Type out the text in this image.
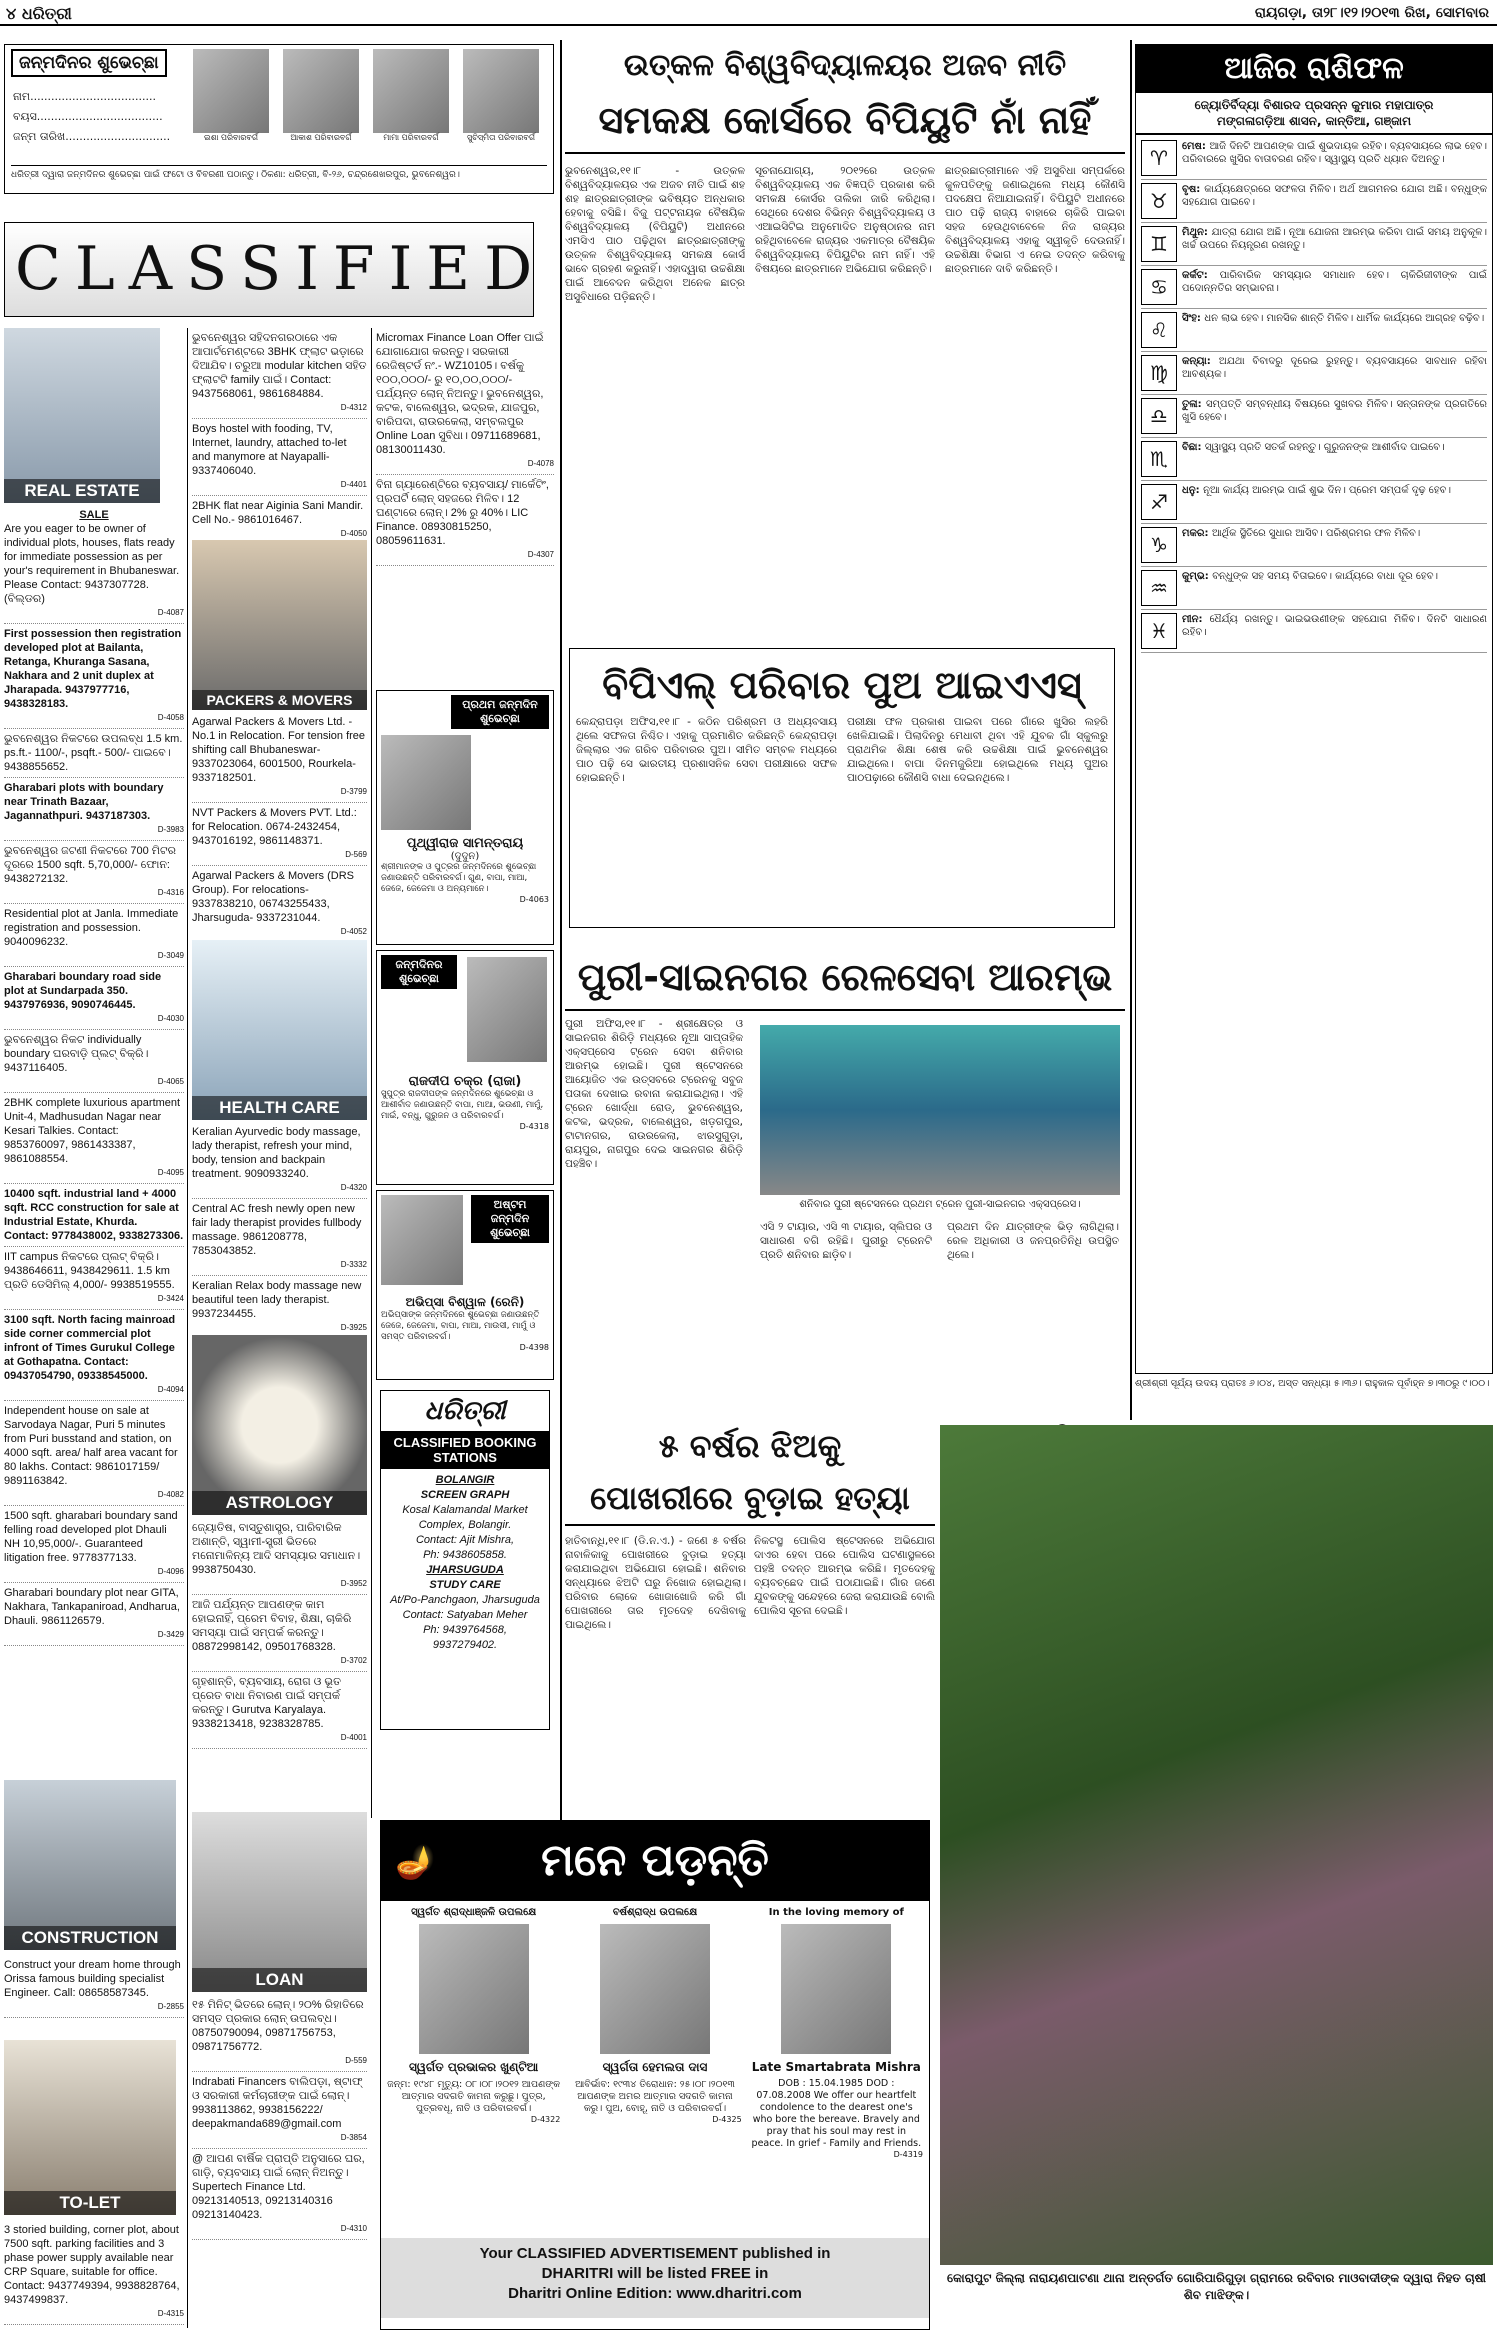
୪ ଧରିତ୍ରୀ	ରାୟଗଡ଼ା, ତା୨୮।୧୨।୨୦୧୩ ରିଖ, ସୋମବାର
ଜନ୍ମଦିନର ଶୁଭେଚ୍ଛା
ନାମ....................................
ବୟସ....................................
ଜନ୍ମ ତାରିଖ..............................	ଇଶା ପରିବାରବର୍ଗ	ଆକାଶ ପରିବାରବର୍ଗ	ମାମା ପରିବାରବର୍ଗ	ସୁଚିସ୍ମିତା ପରିବାରବର୍ଗ
ଧରିତ୍ରୀ ଦ୍ୱାରା ଜନ୍ମଦିନର ଶୁଭେଚ୍ଛା ପାଇଁ ଫଟୋ ଓ ବିବରଣୀ ପଠାନ୍ତୁ। ଠିକଣା: ଧରିତ୍ରୀ, ବି-୨୬, ଚନ୍ଦ୍ରଶେଖରପୁର, ଭୁବନେଶ୍ୱର।
CLASSIFIED
REAL ESTATE
PACKERS & MOVERS
HEALTH CARE
ASTROLOGY
LOAN
CONSTRUCTION
TO-LET
SALE
Are you eager to be owner of individual plots, houses, flats ready for immediate possession as per your's requirement in Bhubaneswar. Please Contact: 9437307728. (ବିଲ୍ଡର)
D-4087
First possession then registration developed plot at Bailanta, Retanga, Khuranga Sasana, Nakhara and 2 unit duplex at Jharapada. 9437977716, 9438328183.
D-4058
ଭୁବନେଶ୍ୱର ନିକଟରେ ଉପଲବ୍ଧ 1.5 km. ps.ft.- 1100/-, psqft.- 500/- ପାଇବେ। 9438855652.
Gharabari plots with boundary near Trinath Bazaar, Jagannathpuri. 9437187303.
D-3983
ଭୁବନେଶ୍ୱର ଜଟଣୀ ନିକଟରେ 700 ମିଟର ଦୂରରେ 1500 sqft. 5,70,000/- ଫୋନ: 9438272132.
D-4316
Residential plot at Janla. Immediate registration and possession. 9040096232.
D-3049
Gharabari boundary road side plot at Sundarpada 350. 9437976936, 9090746445.
D-4030
ଭୁବନେଶ୍ୱର ନିକଟ individually boundary ଘରବାଡ଼ି ପ୍ଲଟ୍ ବିକ୍ରି। 9437116405.
D-4065
2BHK complete luxurious apartment Unit-4, Madhusudan Nagar near Kesari Talkies. Contact: 9853760097, 9861433387, 9861088554.
D-4095
10400 sqft. industrial land + 4000 sqft. RCC construction for sale at Industrial Estate, Khurda. Contact: 9778438002, 9338273306.
IIT campus ନିକଟରେ ପ୍ଲଟ୍ ବିକ୍ରି। 9438646611, 9438429611. 1.5 km ପ୍ରତି ଡେସିମିଲ୍ 4,000/- 9938519555.
D-3424
3100 sqft. North facing mainroad side corner commercial plot infront of Times Gurukul College at Gothapatna. Contact: 09437054790, 09338545000.
D-4094
Independent house on sale at Sarvodaya Nagar, Puri 5 minutes from Puri busstand and station, on 4000 sqft. area/ half area vacant for 80 lakhs. Contact: 9861017159/ 9891163842.
D-4082
1500 sqft. gharabari boundary sand felling road developed plot Dhauli NH 10,95,000/-. Guaranteed litigation free. 9778377133.
D-4096
Gharabari boundary plot near GITA, Nakhara, Tankapaniroad, Andharua, Dhauli. 9861126579.
D-3429
Construct your dream home through Orissa famous building specialist Engineer. Call: 08658587345.
D-2855
3 storied building, corner plot, about 7500 sqft. parking facilities and 3 phase power supply available near CRP Square, suitable for office. Contact: 9437749394, 9938828764, 9437499837.
D-4315
ଭୁବନେଶ୍ୱର ସହିଦନଗରଠାରେ ଏକ ଆପାର୍ଟମେଣ୍ଟରେ 3BHK ଫ୍ଲାଟ ଭଡ଼ାରେ ଦିଆଯିବ। ଚରୁଆ modular kitchen ସହିତ ଫ୍ଲାଟଟି family ପାଇଁ। Contact: 9437568061, 9861684884.
D-4312
Boys hostel with fooding, TV, Internet, laundry, attached to-let and manymore at Nayapalli-9337406040.
D-4401
2BHK flat near Aiginia Sani Mandir. Cell No.- 9861016467.
D-4050
Agarwal Packers & Movers Ltd. - No.1 in Relocation. For tension free shifting call Bhubaneswar- 9337023064, 6001500, Rourkela- 9337182501.
D-3799
NVT Packers & Movers PVT. Ltd.: for Relocation. 0674-2432454, 9437016192, 9861148371.
D-569
Agarwal Packers & Movers (DRS Group). For relocations- 9337838210, 06743255433, Jharsuguda- 9337231044.
D-4052
Keralian Ayurvedic body massage, lady therapist, refresh your mind, body, tension and backpain treatment. 9090933240.
D-4320
Central AC fresh newly open new fair lady therapist provides fullbody massage. 9861208778, 7853043852.
D-3332
Keralian Relax body massage new beautiful teen lady therapist. 9937234455.
D-3925
ଜ୍ୟୋତିଷ, ବାସ୍ତୁଶାସ୍ତ୍ର, ପାରିବାରିକ ଅଶାନ୍ତି, ସ୍ୱାମୀ-ସ୍ତ୍ରୀ ଭିତରେ ମନୋମାଳିନ୍ୟ ଆଦି ସମସ୍ୟାର ସମାଧାନ। 9938750430.
D-3952
ଆଜି ପର୍ଯ୍ୟନ୍ତ ଆପଣଙ୍କ କାମ ହୋଇନାହିଁ, ପ୍ରେମ ବିବାହ, ଶିକ୍ଷା, ଚାକିରି ସମସ୍ୟା ପାଇଁ ସମ୍ପର୍କ କରନ୍ତୁ। 08872998142, 09501768328.
D-3702
ଗୃହଶାନ୍ତି, ବ୍ୟବସାୟ, ରୋଗ ଓ ଭୂତ ପ୍ରେତ ବାଧା ନିବାରଣ ପାଇଁ ସମ୍ପର୍କ କରନ୍ତୁ। Gurutva Karyalaya. 9338213418, 9238328785.
D-4001
୧୫ ମିନିଟ୍ ଭିତରେ ଲୋନ୍। ୨୦% ରିହାତିରେ ସମସ୍ତ ପ୍ରକାର ଲୋନ୍ ଉପଲବ୍ଧ। 08750790094, 09871756753, 09871756772.
D-559
Indrabati Financers ବାଲିପଡ଼ା, ଷ୍ଟାଫ୍ ଓ ସରକାରୀ କର୍ମଚାରୀଙ୍କ ପାଇଁ ଲୋନ୍। 9938113862, 9938156222/ deepakmanda689@gmail.com
D-3854
@ ଆପଣ ବାର୍ଷିକ ପ୍ରାପ୍ତି ଅନୁସାରେ ଘର, ଗାଡ଼ି, ବ୍ୟବସାୟ ପାଇଁ ଲୋନ୍ ନିଅନ୍ତୁ। Supertech Finance Ltd. 09213140513, 09213140316 09213140423.
D-4310
Micromax Finance Loan Offer ପାଇଁ ଯୋଗାଯୋଗ କରନ୍ତୁ। ସରକାରୀ ରେଜିଷ୍ଟର୍ଡ ନଂ.- WZ10105। ବର୍ଷକୁ ୧୦୦,୦୦୦/- ରୁ ୧୦,୦୦,୦୦୦/- ପର୍ଯ୍ୟନ୍ତ ଲୋନ୍ ନିଅନ୍ତୁ। ଭୁବନେଶ୍ୱର, କଟକ, ବାଲେଶ୍ୱର, ଭଦ୍ରକ, ଯାଜପୁର, ବାରିପଦା, ରାଉରକେଲା, ସମ୍ବଲପୁର Online Loan ସୁବିଧା। 09711689681, 08130011430.
D-4078
ବିନା ଗ୍ୟାରେଣ୍ଟିରେ ବ୍ୟବସାୟ/ ମାର୍କେଟିଂ, ପ୍ରପର୍ଟି ଲୋନ୍ ସହଜରେ ମିଳିବ। 12 ଘଣ୍ଟାରେ ଲୋନ୍। 2% ରୁ 40%। LIC Finance. 08930815250, 08059611631.
D-4307
ପ୍ରଥମ ଜନ୍ମଦିନ ଶୁଭେଚ୍ଛା
ପୃଥ୍ୱୀରାଜ ସାମନ୍ତରାୟ
(ଦୁଦୁନ)
ଶ୍ରୀମାନଙ୍କ ଓ ପୁତ୍ରର ଜନ୍ମଦିନରେ ଶୁଭେଚ୍ଛା ଜଣାଉଛନ୍ତି ପରିବାରବର୍ଗ। ଗୁଣ, ବାପା, ମାଆ, ଜେଜେ, ଜେଜେମା ଓ ଅନ୍ୟମାନେ।
D-4063
ଜନ୍ମଦିନର ଶୁଭେଚ୍ଛା
ରାଜଦୀପ ଚକ୍ର (ରାଜା)
ସୁପୁତ୍ର ରାଜଦୀପଙ୍କ ଜନ୍ମଦିନରେ ଶୁଭେଚ୍ଛା ଓ ଆଶୀର୍ବାଦ ଜଣାଉଛନ୍ତି ବାପା, ମାଆ, ଭଉଣୀ, ମାମୁଁ, ମାଇଁ, ବନ୍ଧୁ, ଗୁରୁଜନ ଓ ପରିବାରବର୍ଗ।
D-4318
ଅଷ୍ଟମ ଜନ୍ମଦିନ ଶୁଭେଚ୍ଛା
ଅଭିପ୍ସା ବିଶ୍ୱାଳ (ରେନି)
ଅଭିପ୍ସାଙ୍କ ଜନ୍ମଦିନରେ ଶୁଭେଚ୍ଛା ଜଣାଉଛନ୍ତି ଜେଜେ, ଜେଜେମା, ବାପା, ମାଆ, ମାଉସୀ, ମାମୁଁ ଓ ସମସ୍ତ ପରିବାରବର୍ଗ।
D-4398
ଧରିତ୍ରୀ
CLASSIFIED BOOKING STATIONS
BOLANGIR
SCREEN GRAPH
Kosal Kalamandal Market Complex, Bolangir.
Contact: Ajit Mishra,
Ph: 9438605858.
JHARSUGUDA
STUDY CARE
At/Po-Panchgaon, Jharsuguda
Contact: Satyaban Meher
Ph: 9439764568,
9937279402.
ଉତ୍କଳ ବିଶ୍ୱବିଦ୍ୟାଳୟର ଅଜବ ନୀତି
ସମକକ୍ଷ କୋର୍ସରେ ବିପିୟୁଟି ନାଁ ନାହିଁ
ଭୁବନେଶ୍ୱର,୧୧।୮ - ଉତ୍କଳ ବିଶ୍ୱବିଦ୍ୟାଳୟର ଏକ ଅଜବ ନୀତି ପାଇଁ ଶହ ଶହ ଛାତ୍ରଛାତ୍ରୀଙ୍କ ଭବିଷ୍ୟତ ଅନ୍ଧକାର ହେବାକୁ ବସିଛି। ବିଜୁ ପଟ୍ଟନାୟକ ବୈଷୟିକ ବିଶ୍ୱବିଦ୍ୟାଳୟ (ବିପିୟୁଟି) ଅଧୀନରେ ଏମସିଏ ପାଠ ପଢ଼ିଥିବା ଛାତ୍ରଛାତ୍ରୀଙ୍କୁ ଉତ୍କଳ ବିଶ୍ୱବିଦ୍ୟାଳୟ ସମକକ୍ଷ କୋର୍ସ ଭାବେ ଗ୍ରହଣ କରୁନାହିଁ। ଏହାଦ୍ୱାରା ଉଚ୍ଚଶିକ୍ଷା ପାଇଁ ଆବେଦନ କରିଥିବା ଅନେକ ଛାତ୍ର ଅସୁବିଧାରେ ପଡ଼ିଛନ୍ତି।
ସୂଚନାଯୋଗ୍ୟ, ୨୦୧୨ରେ ଉତ୍କଳ ବିଶ୍ୱବିଦ୍ୟାଳୟ ଏକ ବିଜ୍ଞପ୍ତି ପ୍ରକାଶ କରି ସମକକ୍ଷ କୋର୍ସର ତାଲିକା ଜାରି କରିଥିଲା। ସେଥିରେ ଦେଶର ବିଭିନ୍ନ ବିଶ୍ୱବିଦ୍ୟାଳୟ ଓ ଏଆଇସିଟିଇ ଅନୁମୋଦିତ ଅନୁଷ୍ଠାନର ନାମ ରହିଥିବାବେଳେ ରାଜ୍ୟର ଏକମାତ୍ର ବୈଷୟିକ ବିଶ୍ୱବିଦ୍ୟାଳୟ ବିପିୟୁଟିର ନାମ ନାହିଁ। ଏହି ବିଷୟରେ ଛାତ୍ରମାନେ ଅଭିଯୋଗ କରିଛନ୍ତି।
ଛାତ୍ରଛାତ୍ରୀମାନେ ଏହି ଅସୁବିଧା ସମ୍ପର୍କରେ କୁଳପତିଙ୍କୁ ଜଣାଇଥିଲେ ମଧ୍ୟ କୌଣସି ପଦକ୍ଷେପ ନିଆଯାଇନାହିଁ। ବିପିୟୁଟି ଅଧୀନରେ ପାଠ ପଢ଼ି ରାଜ୍ୟ ବାହାରେ ଚାକିରି ପାଇବା ସହଜ ହେଉଥିବାବେଳେ ନିଜ ରାଜ୍ୟର ବିଶ୍ୱବିଦ୍ୟାଳୟ ଏହାକୁ ସ୍ୱୀକୃତି ଦେଉନାହିଁ। ଉଚ୍ଚଶିକ୍ଷା ବିଭାଗ ଏ ନେଇ ତଦନ୍ତ କରିବାକୁ ଛାତ୍ରମାନେ ଦାବି କରିଛନ୍ତି।
ବିପିଏଲ୍ ପରିବାର ପୁଅ ଆଇଏଏସ୍
କେନ୍ଦ୍ରାପଡ଼ା ଅଫିସ,୧୧।୮ - କଠିନ ପରିଶ୍ରମ ଓ ଅଧ୍ୟବସାୟ ଥିଲେ ସଫଳତା ନିଶ୍ଚିତ। ଏହାକୁ ପ୍ରମାଣିତ କରିଛନ୍ତି କେନ୍ଦ୍ରାପଡ଼ା ଜିଲ୍ଲାର ଏକ ଗରିବ ପରିବାରର ପୁଅ। ସୀମିତ ସମ୍ବଳ ମଧ୍ୟରେ ପାଠ ପଢ଼ି ସେ ଭାରତୀୟ ପ୍ରଶାସନିକ ସେବା ପରୀକ୍ଷାରେ ସଫଳ ହୋଇଛନ୍ତି।
ପରୀକ୍ଷା ଫଳ ପ୍ରକାଶ ପାଇବା ପରେ ଗାଁରେ ଖୁସିର ଲହରି ଖେଳିଯାଇଛି। ପିଲାଦିନରୁ ମେଧାବୀ ଥିବା ଏହି ଯୁବକ ଗାଁ ସ୍କୁଲରୁ ପ୍ରାଥମିକ ଶିକ୍ଷା ଶେଷ କରି ଉଚ୍ଚଶିକ୍ଷା ପାଇଁ ଭୁବନେଶ୍ୱର ଯାଇଥିଲେ। ବାପା ଦିନମଜୁରିଆ ହୋଇଥିଲେ ମଧ୍ୟ ପୁଅର ପାଠପଢ଼ାରେ କୌଣସି ବାଧା ଦେଇନଥିଲେ।
ପୁରୀ-ସାଇନଗର ରେଳସେବା ଆରମ୍ଭ
ପୁରୀ ଅଫିସ,୧୧।୮ - ଶ୍ରୀକ୍ଷେତ୍ର ଓ ସାଇନଗର ଶିରିଡ଼ି ମଧ୍ୟରେ ନୂଆ ସାପ୍ତାହିକ ଏକ୍ସପ୍ରେସ ଟ୍ରେନ ସେବା ଶନିବାର ଆରମ୍ଭ ହୋଇଛି। ପୁରୀ ଷ୍ଟେସନରେ ଆୟୋଜିତ ଏକ ଉତ୍ସବରେ ଟ୍ରେନକୁ ସବୁଜ ପତାକା ଦେଖାଇ ରବାନା କରାଯାଇଥିଲା। ଏହି ଟ୍ରେନ ଖୋର୍ଦ୍ଧା ରୋଡ୍, ଭୁବନେଶ୍ୱର, କଟକ, ଭଦ୍ରକ, ବାଲେଶ୍ୱର, ଖଡ଼ଗପୁର, ଟାଟାନଗର, ରାଉରକେଲା, ଝାରସୁଗୁଡ଼ା, ରାୟପୁର, ନାଗପୁର ଦେଇ ସାଇନଗର ଶିରିଡ଼ି ପହଞ୍ଚିବ।
ଶନିବାର ପୁରୀ ଷ୍ଟେସନରେ ପ୍ରଥମ ଟ୍ରେନ ପୁରୀ-ସାଇନଗର ଏକ୍ସପ୍ରେସ।
ଏସି ୨ ଟାୟାର, ଏସି ୩ ଟାୟାର, ସ୍ଲିପର ଓ ସାଧାରଣ ବଗି ରହିଛି। ପୁରୀରୁ ଟ୍ରେନଟି ପ୍ରତି ଶନିବାର ଛାଡ଼ିବ।
ପ୍ରଥମ ଦିନ ଯାତ୍ରୀଙ୍କ ଭିଡ଼ ଲାଗିଥିଲା। ରେଳ ଅଧିକାରୀ ଓ ଜନପ୍ରତିନିଧି ଉପସ୍ଥିତ ଥିଲେ।
୫ ବର୍ଷର ଝିଅକୁ
ପୋଖରୀରେ ବୁଡ଼ାଇ ହତ୍ୟା
ହାତିବାନ୍ଧି,୧୧।୮ (ଡି.ନ.ଏ.) - ଜଣେ ୫ ବର୍ଷର ନାବାଳିକାକୁ ପୋଖରୀରେ ବୁଡ଼ାଇ ହତ୍ୟା କରାଯାଇଥିବା ଅଭିଯୋଗ ହୋଇଛି। ଶନିବାର ସନ୍ଧ୍ୟାରେ ଝିଅଟି ଘରୁ ନିଖୋଜ ହୋଇଥିଲା। ପରିବାର ଲୋକେ ଖୋଜାଖୋଜି କରି ଗାଁ ପୋଖରୀରେ ତାର ମୃତଦେହ ଦେଖିବାକୁ ପାଇଥିଲେ।
ନିକଟସ୍ଥ ପୋଲିସ ଷ୍ଟେସନରେ ଅଭିଯୋଗ ଦାଏର ହେବା ପରେ ପୋଲିସ ଘଟଣାସ୍ଥଳରେ ପହଞ୍ଚି ତଦନ୍ତ ଆରମ୍ଭ କରିଛି। ମୃତଦେହକୁ ବ୍ୟବଚ୍ଛେଦ ପାଇଁ ପଠାଯାଇଛି। ଗାଁର ଜଣେ ଯୁବକଙ୍କୁ ସନ୍ଦେହରେ ଜେରା କରାଯାଉଛି ବୋଲି ପୋଲିସ ସୂଚନା ଦେଇଛି।
ମନେ ପଡ଼ନ୍ତି
🪔
ସ୍ୱର୍ଗତ ଶ୍ରାଦ୍ଧାଞ୍ଜଳି ଉପଲକ୍ଷେ
ସ୍ୱର୍ଗତ ପ୍ରଭାକର ଖୁଣ୍ଟିଆ
ଜନ୍ମ: ୧୯୪୮ ମୃତ୍ୟୁ: ୦୮।୦୮।୨୦୧୨ ଆପଣଙ୍କ ଆତ୍ମାର ସଦଗତି କାମନା କରୁଛୁ। ପୁତ୍ର, ପୁତ୍ରବଧୂ, ନାତି ଓ ପରିବାରବର୍ଗ।
D-4322
ବର୍ଷଶ୍ରାଦ୍ଧ ଉପଲକ୍ଷେ
ସ୍ୱର୍ଗତା ହେମଲତା ଦାସ
ଆବିର୍ଭାବ: ୧୯୩୪ ତିରୋଧାନ: ୨୫।୦୮।୨୦୧୩ ଆପଣଙ୍କ ଅମର ଆତ୍ମାର ସଦଗତି କାମନା କରୁ। ପୁଅ, ବୋହୂ, ନାତି ଓ ପରିବାରବର୍ଗ।
D-4325
In the loving memory of
Late Smartabrata Mishra
DOB : 15.04.1985 DOD : 07.08.2008 We offer our heartfelt condolence to the dearest one's who bore the bereave. Bravely and pray that his soul may rest in peace. In grief - Family and Friends.
D-4319
Your CLASSIFIED ADVERTISEMENT published in
DHARITRI will be listed FREE in
Dharitri Online Edition: www.dharitri.com
ଆଜିର ରାଶିଫଳ
ଜ୍ୟୋତିର୍ବିଦ୍ୟା ବିଶାରଦ ପ୍ରସନ୍ନ କୁମାର ମହାପାତ୍ର
ମଙ୍ଗଳାଗଡ଼ିଆ ଶାସନ, କାନ୍ତିଆ, ଗଞ୍ଜାମ
♈	ମେଷ: ଆଜି ଦିନଟି ଆପଣଙ୍କ ପାଇଁ ଶୁଭଦାୟକ ରହିବ। ବ୍ୟବସାୟରେ ଲାଭ ହେବ। ପରିବାରରେ ଖୁସିର ବାତାବରଣ ରହିବ। ସ୍ୱାସ୍ଥ୍ୟ ପ୍ରତି ଧ୍ୟାନ ଦିଅନ୍ତୁ।
♉	ବୃଷ: କାର୍ଯ୍ୟକ୍ଷେତ୍ରରେ ସଫଳତା ମିଳିବ। ଅର୍ଥ ଆଗମନର ଯୋଗ ଅଛି। ବନ୍ଧୁଙ୍କ ସହଯୋଗ ପାଇବେ।
♊	ମିଥୁନ: ଯାତ୍ରା ଯୋଗ ଅଛି। ନୂଆ ଯୋଜନା ଆରମ୍ଭ କରିବା ପାଇଁ ସମୟ ଅନୁକୂଳ। ଖର୍ଚ୍ଚ ଉପରେ ନିୟନ୍ତ୍ରଣ ରଖନ୍ତୁ।
♋	କର୍କଟ: ପାରିବାରିକ ସମସ୍ୟାର ସମାଧାନ ହେବ। ଚାକିରିଜୀବୀଙ୍କ ପାଇଁ ପଦୋନ୍ନତିର ସମ୍ଭାବନା।
♌	ସିଂହ: ଧନ ଲାଭ ହେବ। ମାନସିକ ଶାନ୍ତି ମିଳିବ। ଧାର୍ମିକ କାର୍ଯ୍ୟରେ ଆଗ୍ରହ ବଢ଼ିବ।
♍	କନ୍ୟା: ଅଯଥା ବିବାଦରୁ ଦୂରେଇ ରୁହନ୍ତୁ। ବ୍ୟବସାୟରେ ସାବଧାନ ରହିବା ଆବଶ୍ୟକ।
♎	ତୁଳା: ସମ୍ପତ୍ତି ସମ୍ବନ୍ଧୀୟ ବିଷୟରେ ସୁଖବର ମିଳିବ। ସନ୍ତାନଙ୍କ ପ୍ରଗତିରେ ଖୁସି ହେବେ।
♏	ବିଛା: ସ୍ୱାସ୍ଥ୍ୟ ପ୍ରତି ସତର୍କ ରହନ୍ତୁ। ଗୁରୁଜନଙ୍କ ଆଶୀର୍ବାଦ ପାଇବେ।
♐	ଧନୁ: ନୂଆ କାର୍ଯ୍ୟ ଆରମ୍ଭ ପାଇଁ ଶୁଭ ଦିନ। ପ୍ରେମ ସମ୍ପର୍କ ଦୃଢ଼ ହେବ।
♑	ମକର: ଆର୍ଥିକ ସ୍ଥିତିରେ ସୁଧାର ଆସିବ। ପରିଶ୍ରମର ଫଳ ମିଳିବ।
♒	କୁମ୍ଭ: ବନ୍ଧୁଙ୍କ ସହ ସମୟ ବିତାଇବେ। କାର୍ଯ୍ୟରେ ବାଧା ଦୂର ହେବ।
♓	ମୀନ: ଧୈର୍ଯ୍ୟ ରଖନ୍ତୁ। ଭାଇଭଉଣୀଙ୍କ ସହଯୋଗ ମିଳିବ। ଦିନଟି ସାଧାରଣ ରହିବ।
ଶ୍ରୀଶ୍ରୀ ସୂର୍ଯ୍ୟ ଉଦୟ ପ୍ରାତଃ ୬।୦୪, ଅସ୍ତ ସନ୍ଧ୍ୟା ୫।୩୬। ରାହୁକାଳ ପୂର୍ବାହ୍ନ ୭।୩୦ରୁ ୯।୦୦।
କୋରାପୁଟ ଜିଲ୍ଲା ନାରାୟଣପାଟଣା ଥାନା ଅନ୍ତର୍ଗତ ଗୋରିପାରିଗୁଡ଼ା ଗ୍ରାମରେ ରବିବାର ମାଓବାଦୀଙ୍କ ଦ୍ୱାରା ନିହତ ଚାଷୀ ଶିବ ମାଝିଙ୍କ।
